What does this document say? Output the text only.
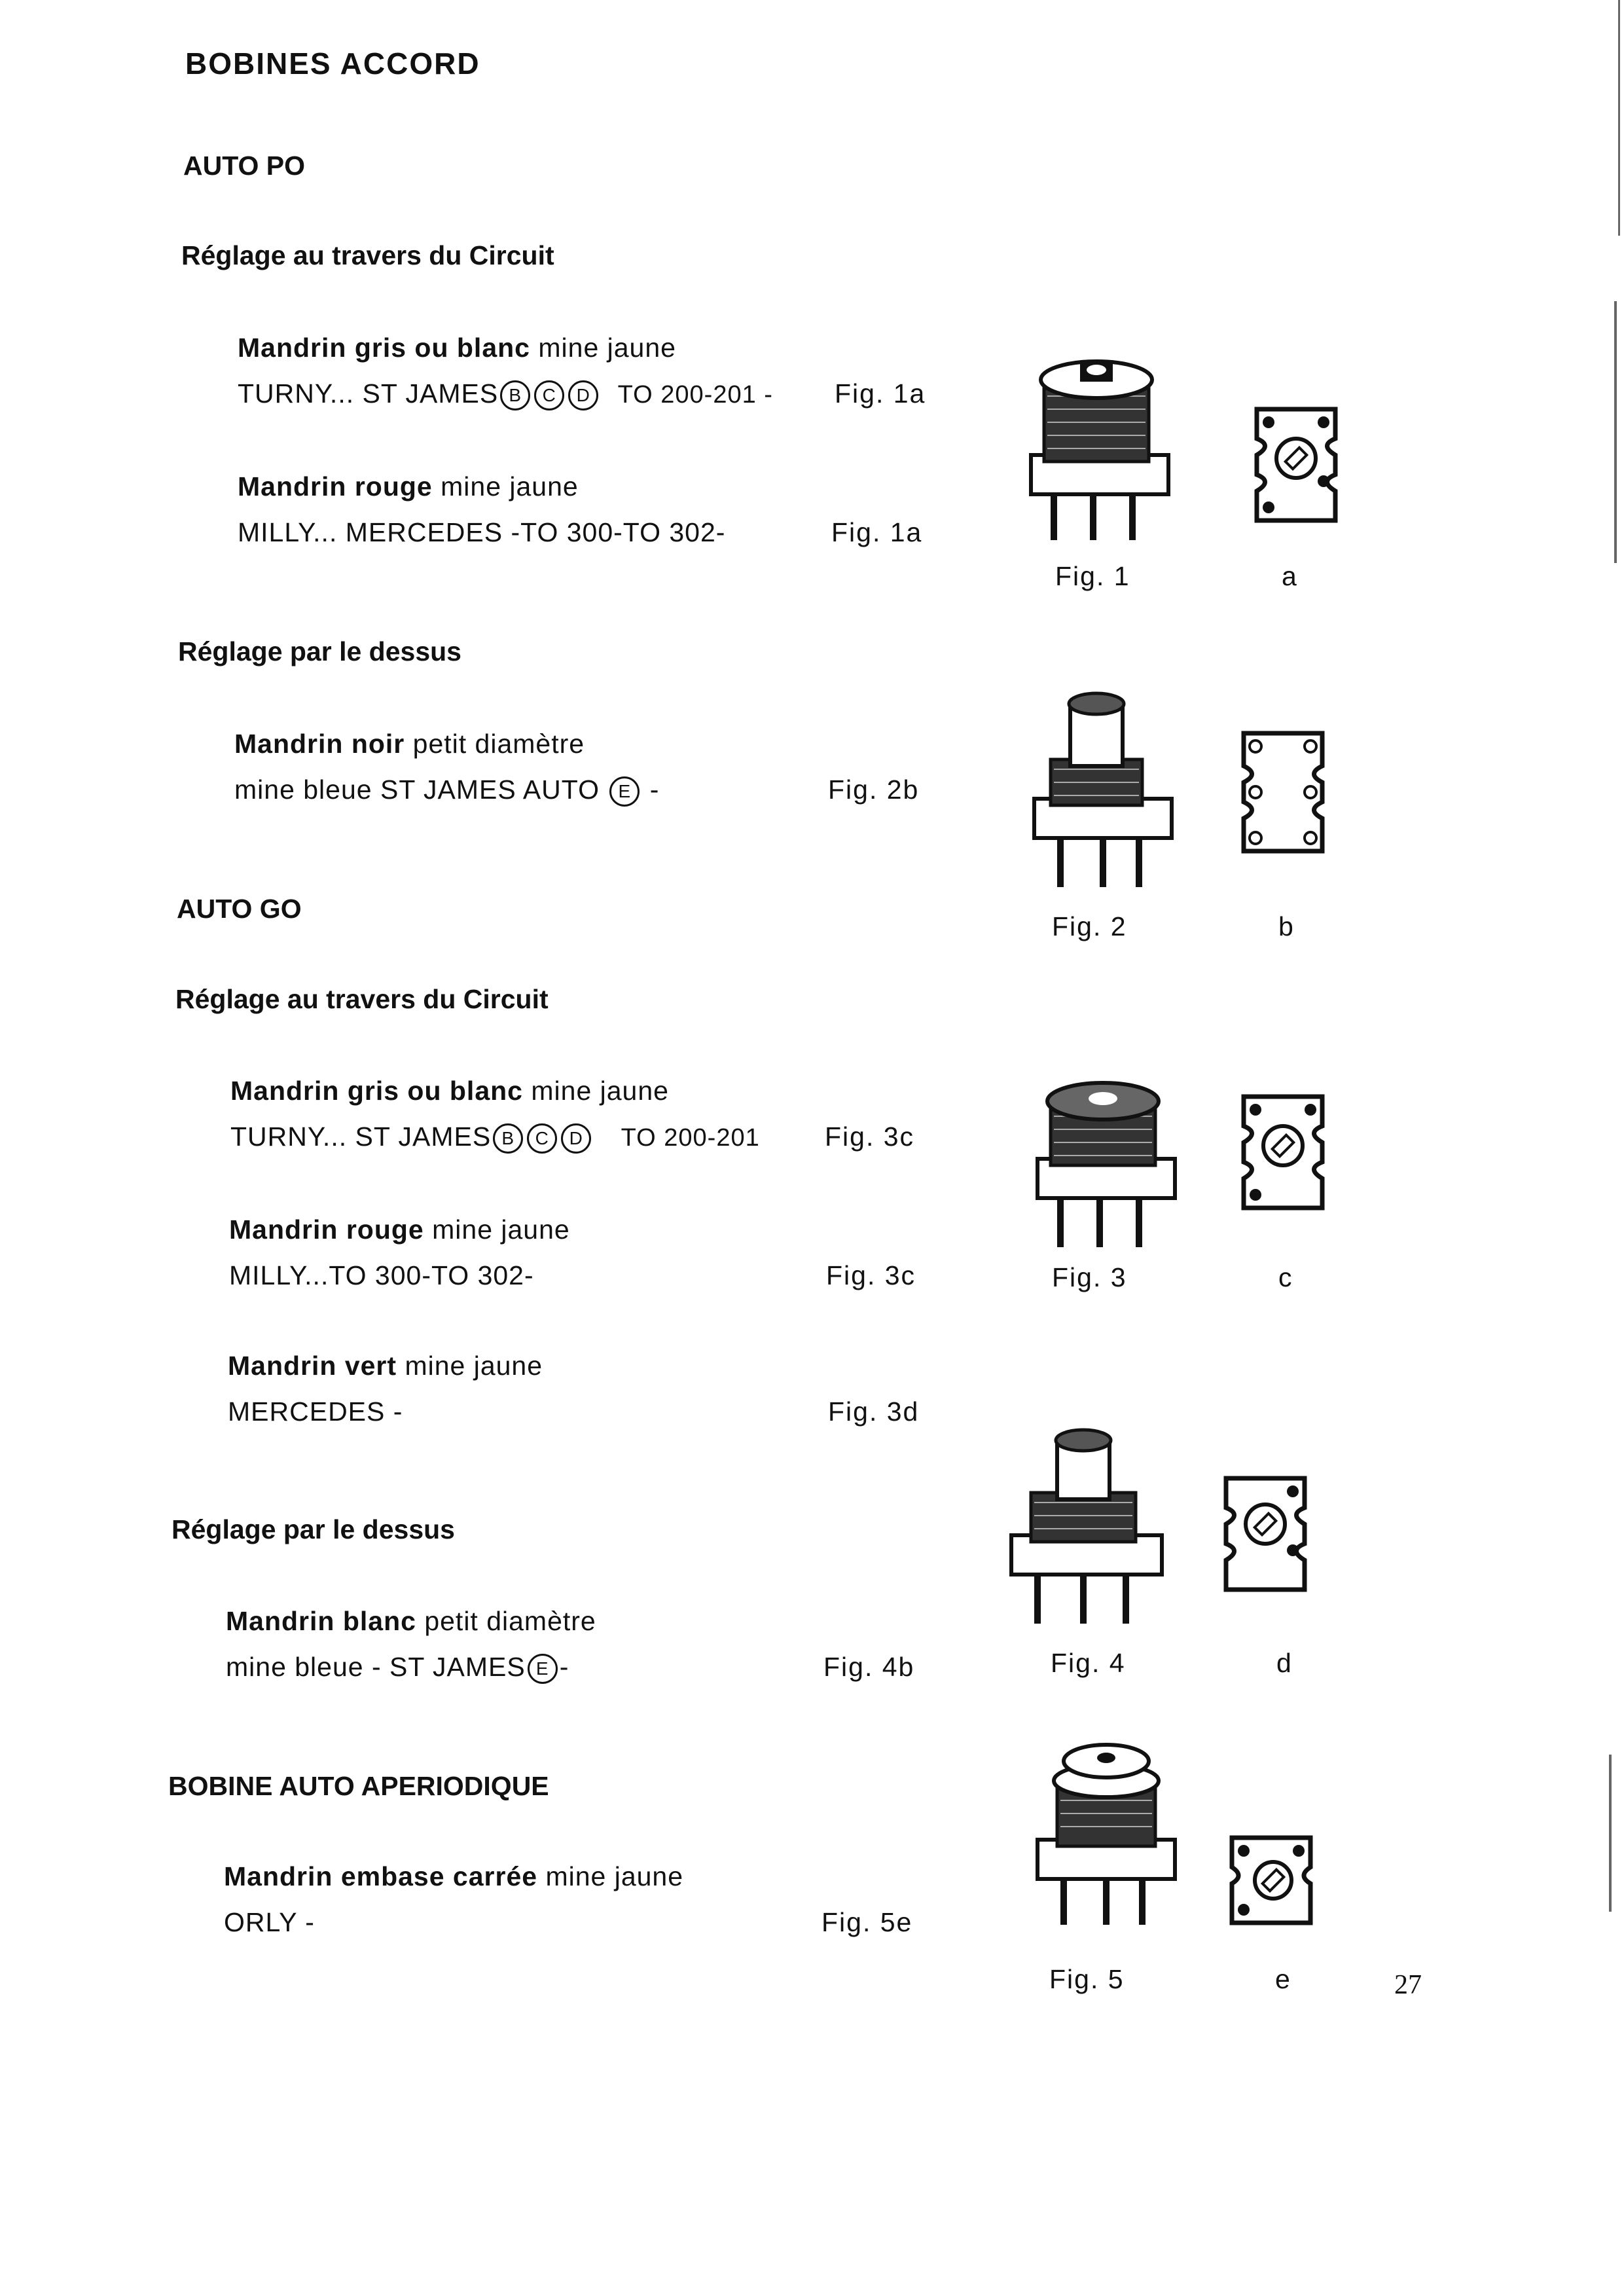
BOBINES ACCORD
AUTO PO
Réglage au travers du Circuit
Mandrin gris ou blanc mine jaune
TURNY... ST JAMES B C D TO 200-201 - Fig. 1a
Mandrin rouge mine jaune
MILLY... MERCEDES -TO 300-TO 302-	Fig. 1a
Réglage par le dessus
Mandrin noir petit diamètre
mine bleue ST JAMES AUTO E -	Fig. 2b
AUTO GO
Réglage au travers du Circuit
Mandrin gris ou blanc mine jaune
TURNY... ST JAMES B C D TO 200-201 Fig. 3c
Mandrin rouge mine jaune
MILLY...TO 300-TO 302-	Fig. 3c
Mandrin vert mine jaune
MERCEDES -	Fig. 3d
Réglage par le dessus
Mandrin blanc petit diamètre
mine bleue - ST JAMES E -	Fig. 4b
BOBINE AUTO APERIODIQUE
Mandrin embase carrée mine jaune
ORLY -	Fig. 5e
Fig. 1	a
Fig. 2	b
Fig. 3	c
Fig. 4	d
Fig. 5	e	27
